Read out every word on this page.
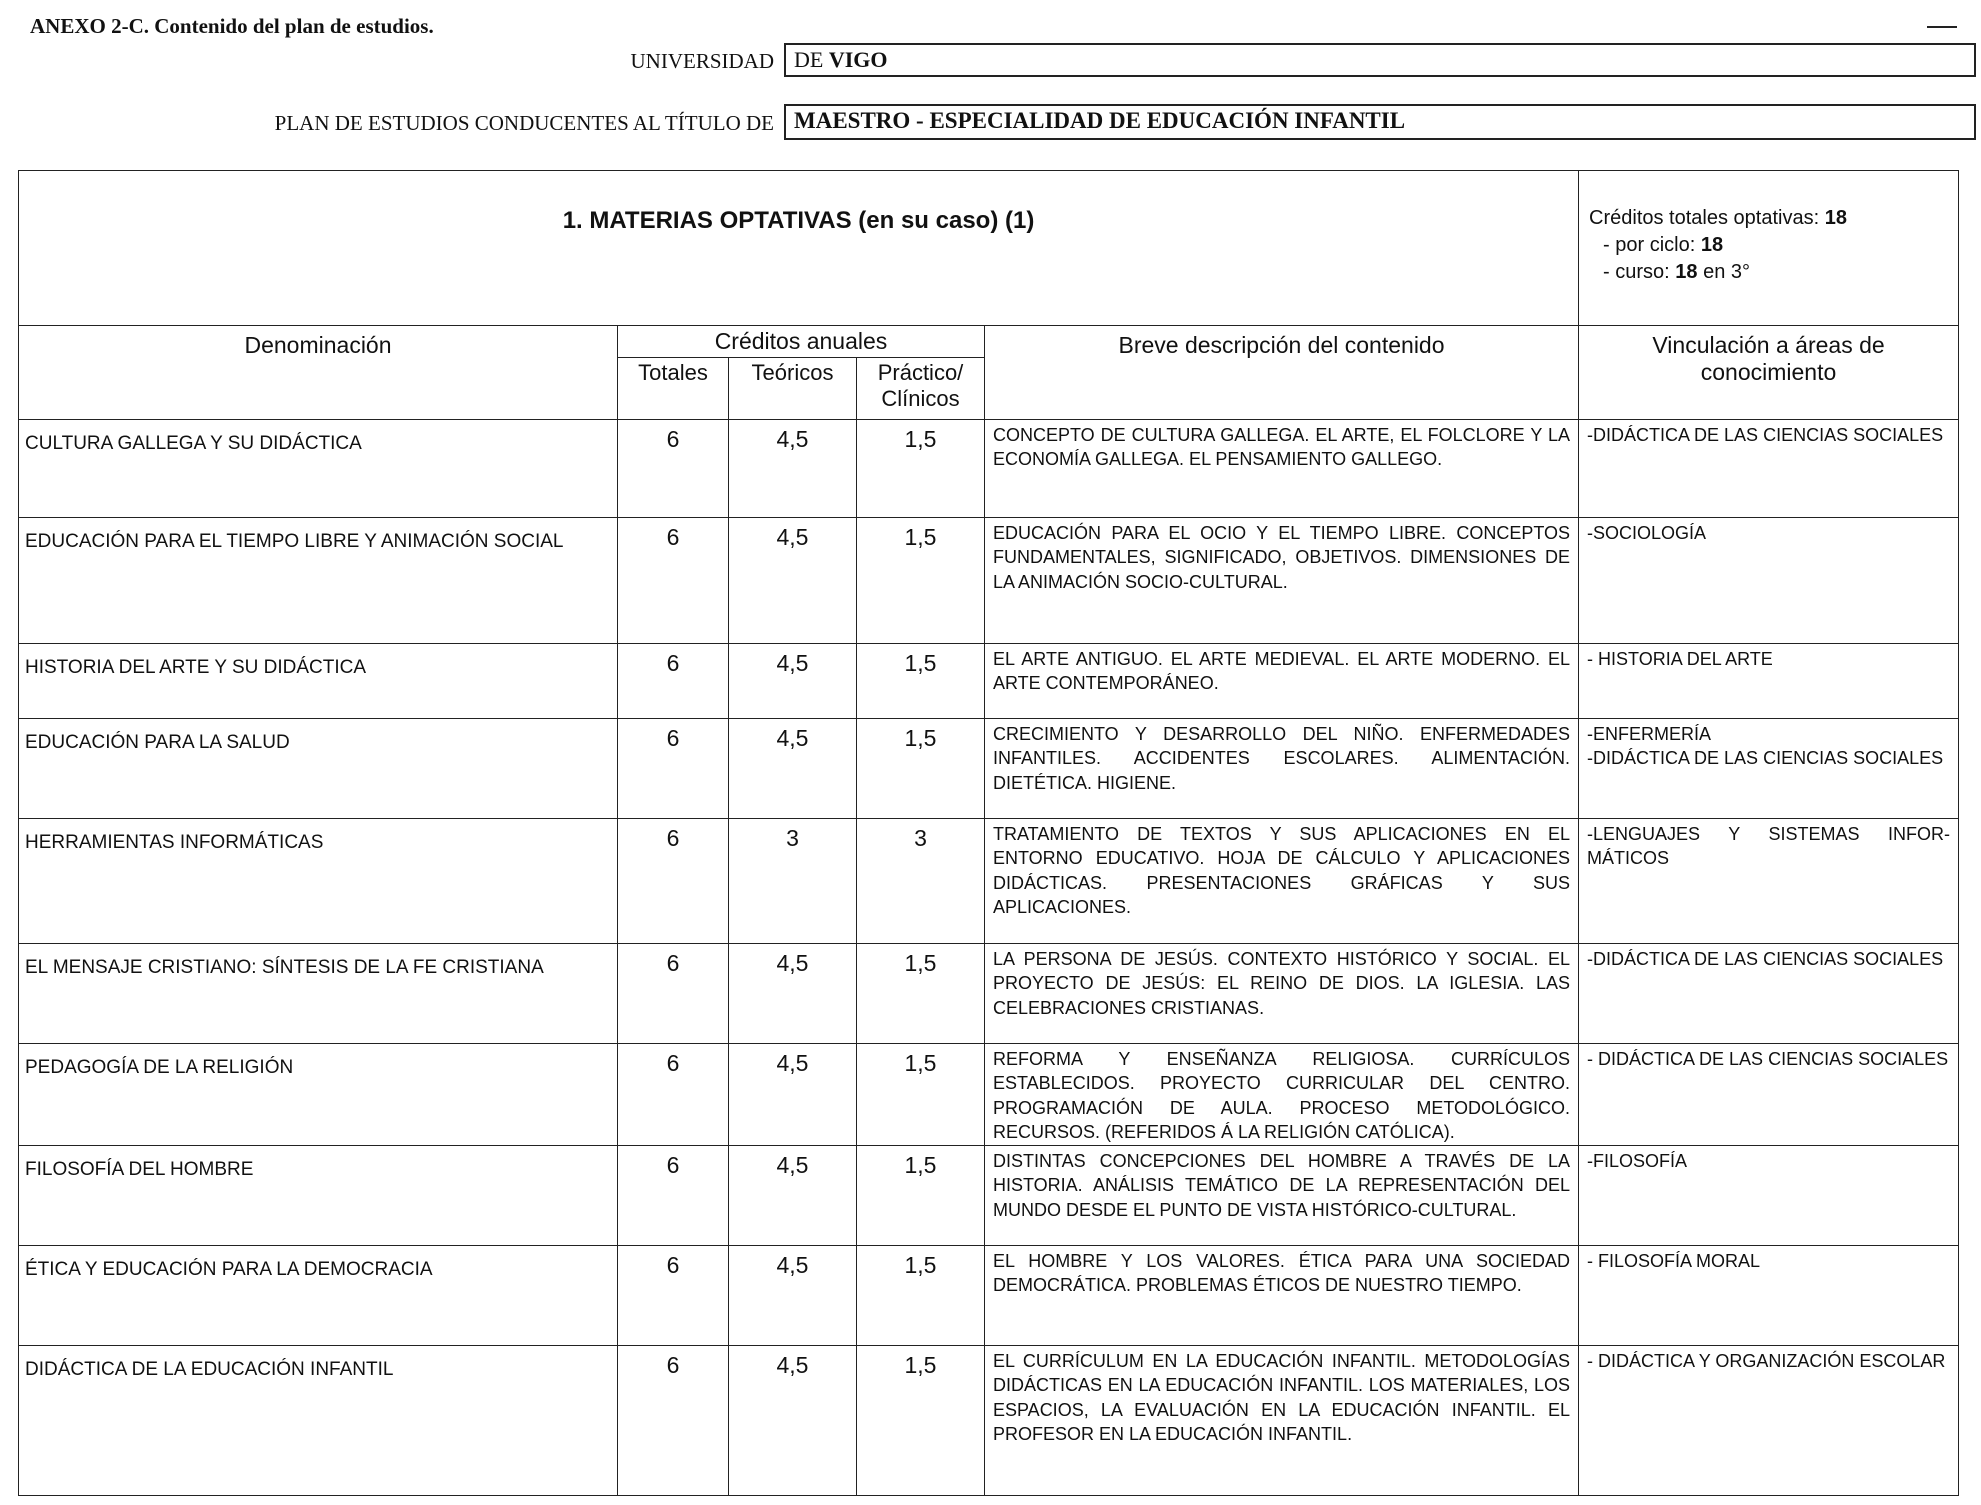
ANEXO 2-C. Contenido del plan de estudios.
UNIVERSIDAD DE VIGO
PLAN DE ESTUDIOS CONDUCENTES AL TÍTULO DE MAESTRO - ESPECIALIDAD DE EDUCACIÓN INFANTIL
1. MATERIAS OPTATIVAS (en su caso) (1)					Créditos totales optativas: 18
- por ciclo: 18
- curso: 18 en 3°

Denominación	Créditos anuales			Breve descripción del contenido	Vinculación a áreas de
conocimiento

	Totales	Teóricos	Práctico/
Clínicos		

CULTURA GALLEGA Y SU DIDÁCTICA	6	4,5	1,5	CONCEPTO DE CULTURA GALLEGA. EL ARTE, EL FOLCLORE Y LA ECONOMÍA GALLEGA. EL PENSAMIENTO GALLEGO.	-DIDÁCTICA DE LAS CIENCIAS SOCIALES

EDUCACIÓN PARA EL TIEMPO LIBRE Y ANIMACIÓN SOCIAL	6	4,5	1,5	EDUCACIÓN PARA EL OCIO Y EL TIEMPO LIBRE. CONCEPTOS FUNDAMENTALES, SIGNIFICADO, OBJETIVOS. DIMENSIONES DE LA ANIMACIÓN SOCIO-CULTURAL.	-SOCIOLOGÍA

HISTORIA DEL ARTE Y SU DIDÁCTICA	6	4,5	1,5	EL ARTE ANTIGUO. EL ARTE MEDIEVAL. EL ARTE MODERNO. EL ARTE CONTEMPORÁNEO.	- HISTORIA DEL ARTE

EDUCACIÓN PARA LA SALUD	6	4,5	1,5	CRECIMIENTO Y DESARROLLO DEL NIÑO. ENFERMEDADES INFANTILES. ACCIDENTES ESCOLARES. ALIMENTACIÓN. DIETÉTICA. HIGIENE.	-ENFERMERÍA
-DIDÁCTICA DE LAS CIENCIAS SOCIALES

HERRAMIENTAS INFORMÁTICAS	6	3	3	TRATAMIENTO DE TEXTOS Y SUS APLICACIONES EN EL ENTORNO EDUCATIVO. HOJA DE CÁLCULO Y APLICACIONES DIDÁCTICAS. PRESENTACIONES GRÁFICAS Y SUS APLICACIONES.	-LENGUAJES Y SISTEMAS INFOR-MÁTICOS

EL MENSAJE CRISTIANO: SÍNTESIS DE LA FE CRISTIANA	6	4,5	1,5	LA PERSONA DE JESÚS. CONTEXTO HISTÓRICO Y SOCIAL. EL PROYECTO DE JESÚS: EL REINO DE DIOS. LA IGLESIA. LAS CELEBRACIONES CRISTIANAS.	-DIDÁCTICA DE LAS CIENCIAS SOCIALES

PEDAGOGÍA DE LA RELIGIÓN	6	4,5	1,5	REFORMA Y ENSEÑANZA RELIGIOSA. CURRÍCULOS ESTABLECIDOS. PROYECTO CURRICULAR DEL CENTRO. PROGRAMACIÓN DE AULA. PROCESO METODOLÓGICO. RECURSOS. (REFERIDOS Á LA RELIGIÓN CATÓLICA).	- DIDÁCTICA DE LAS CIENCIAS SOCIALES

FILOSOFÍA DEL HOMBRE	6	4,5	1,5	DISTINTAS CONCEPCIONES DEL HOMBRE A TRAVÉS DE LA HISTORIA. ANÁLISIS TEMÁTICO DE LA REPRESENTACIÓN DEL MUNDO DESDE EL PUNTO DE VISTA HISTÓRICO-CULTURAL.	-FILOSOFÍA

ÉTICA Y EDUCACIÓN PARA LA DEMOCRACIA	6	4,5	1,5	EL HOMBRE Y LOS VALORES. ÉTICA PARA UNA SOCIEDAD DEMOCRÁTICA. PROBLEMAS ÉTICOS DE NUESTRO TIEMPO.	- FILOSOFÍA MORAL

DIDÁCTICA DE LA EDUCACIÓN INFANTIL	6	4,5	1,5	EL CURRÍCULUM EN LA EDUCACIÓN INFANTIL. METODOLOGÍAS DIDÁCTICAS EN LA EDUCACIÓN INFANTIL. LOS MATERIALES, LOS ESPACIOS, LA EVALUACIÓN EN LA EDUCACIÓN INFANTIL. EL PROFESOR EN LA EDUCACIÓN INFANTIL.	- DIDÁCTICA Y ORGANIZACIÓN ESCOLAR
